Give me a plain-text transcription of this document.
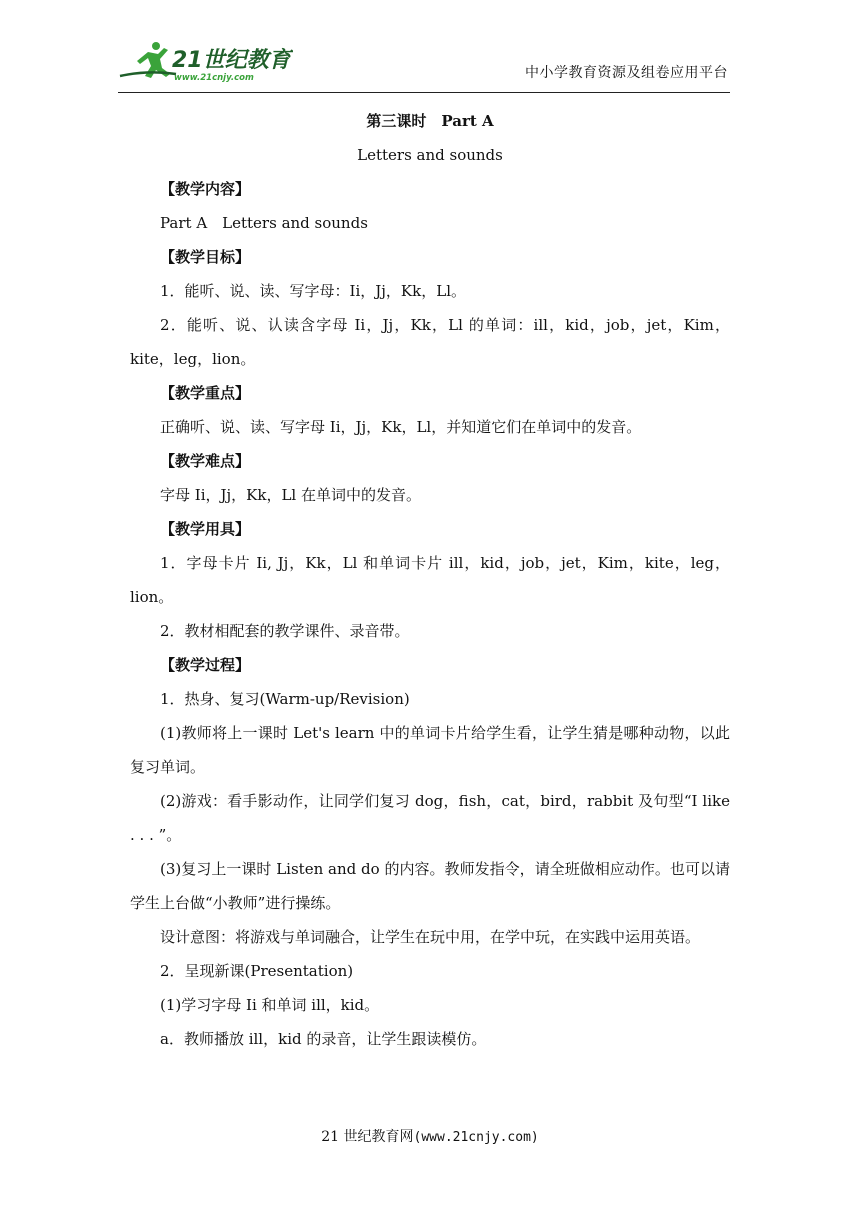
21世纪教育
www.21cnjy.com	中小学教育资源及组卷应用平台
第三课时　Part A
Letters and sounds

【教学内容】

Part A　Letters and sounds

【教学目标】

1．能听、说、读、写字母：Ii，Jj，Kk，Ll。

2．能听、说、认读含字母 Ii，Jj，Kk，Ll 的单词：ill，kid，job，jet，Kim，kite，leg，lion。

【教学重点】

正确听、说、读、写字母 Ii，Jj，Kk，Ll，并知道它们在单词中的发音。

【教学难点】

字母 Ii，Jj，Kk，Ll 在单词中的发音。

【教学用具】

1．字母卡片 Ii, Jj，Kk，Ll 和单词卡片 ill，kid，job，jet，Kim，kite，leg，lion。

2．教材相配套的教学课件、录音带。

【教学过程】

1．热身、复习(Warm-up/Revision)

(1)教师将上一课时 Let's learn 中的单词卡片给学生看，让学生猜是哪种动物，以此复习单词。

(2)游戏：看手影动作，让同学们复习 dog，fish，cat，bird，rabbit 及句型“I like . . . ”。

(3)复习上一课时 Listen and do 的内容。教师发指令，请全班做相应动作。也可以请学生上台做“小教师”进行操练。

设计意图：将游戏与单词融合，让学生在玩中用，在学中玩，在实践中运用英语。

2．呈现新课(Presentation)

(1)学习字母 Ii 和单词 ill，kid。

a．教师播放 ill，kid 的录音，让学生跟读模仿。

21 世纪教育网(www.21cnjy.com)
